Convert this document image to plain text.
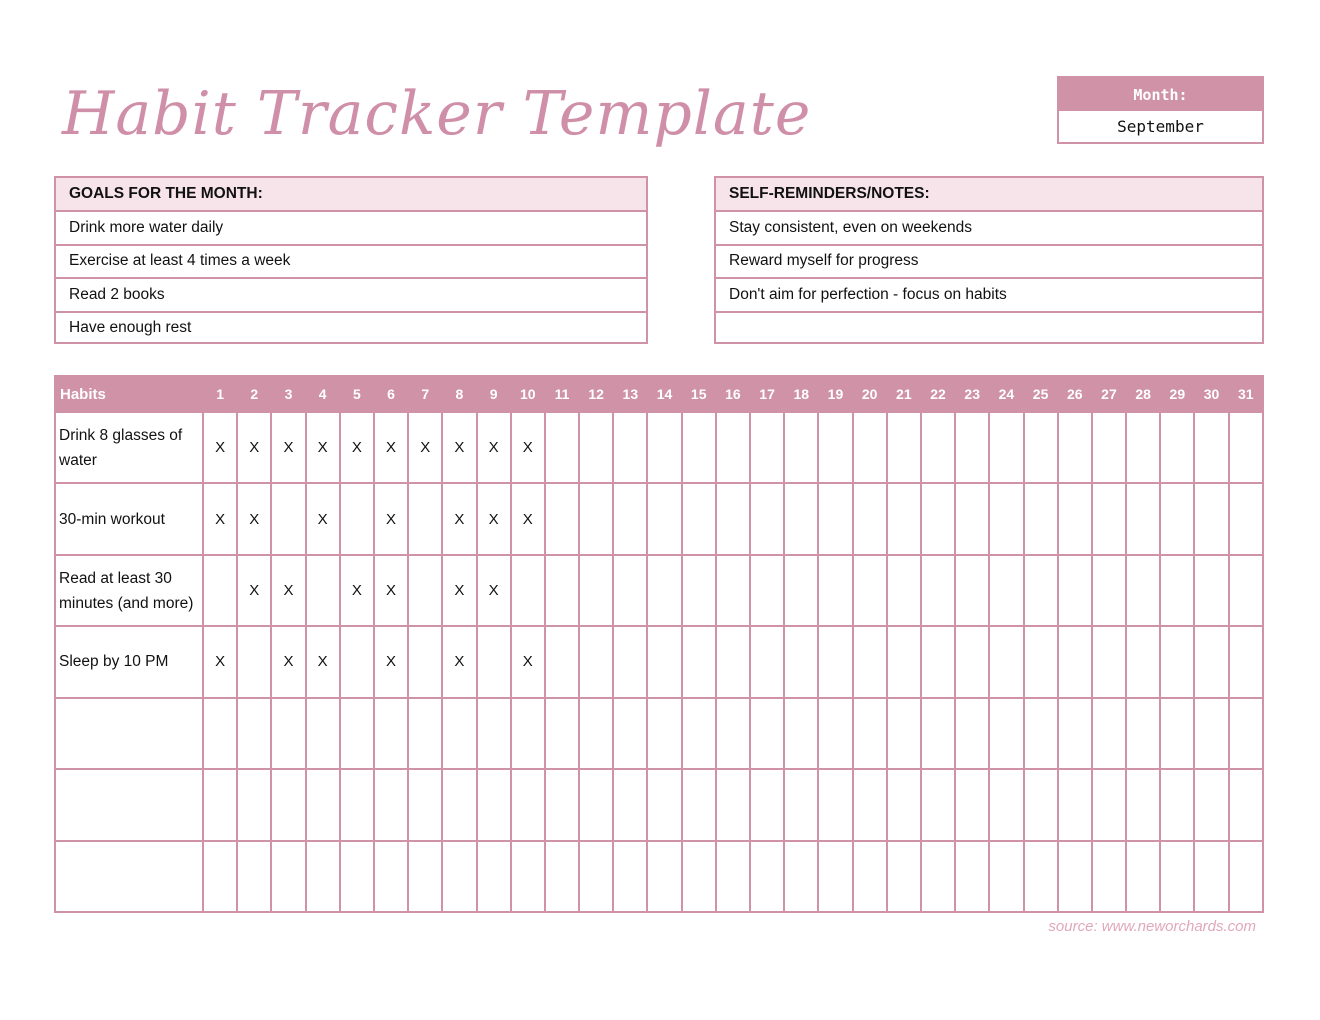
Habit Tracker Template	Month:
September
GOALS FOR THE MONTH:
Drink more water daily
Exercise at least 4 times a week
Read 2 books
Have enough rest
SELF-REMINDERS/NOTES:
Stay consistent, even on weekends
Reward myself for progress
Don't aim for perfection - focus on habits
Habits	1	2	3	4	5	6	7	8	9	10	11	12	13	14	15	16	17	18	19	20	21	22	23	24	25	26	27	28	29	30	31
Drink 8 glasses of water	X	X	X	X	X	X	X	X	X	X																					
30-min workout	X	X		X		X		X	X	X																					
Read at least 30 minutes (and more)		X	X		X	X		X	X																						
Sleep by 10 PM	X		X	X		X		X		X																					

source: www.neworchards.com
